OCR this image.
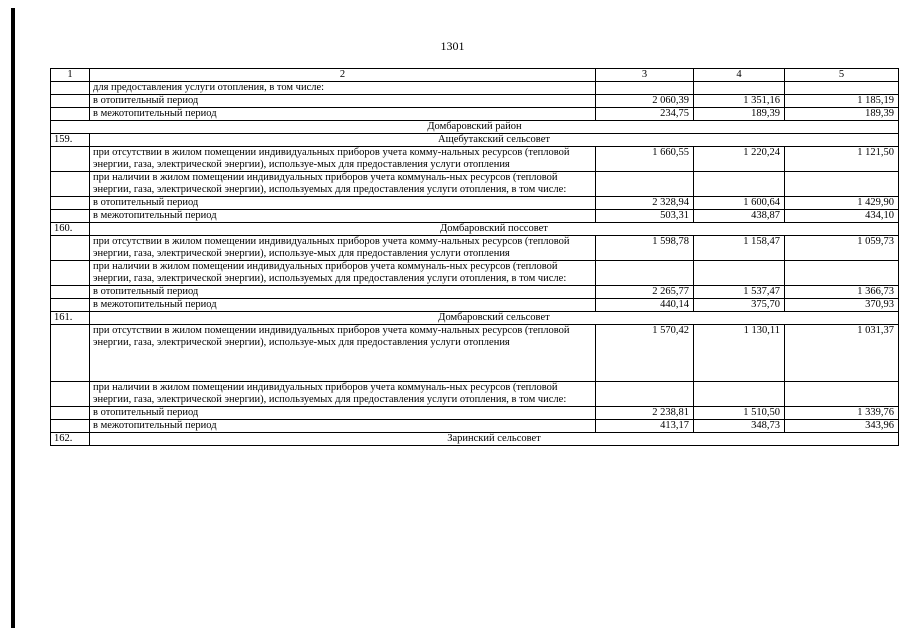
1301
1	2	3	4	5
	для предоставления услуги отопления, в том числе:			
	в отопительный период	2 060,39	1 351,16	1 185,19
	в межотопительный период	234,75	189,39	189,39
Домбаровский район				
159.	Ащебутакский сельсовет			
	при отсутствии в жилом помещении индивидуальных приборов учета комму-нальных ресурсов (тепловой энергии, газа, электрической энергии), используе-мых для предоставления услуги отопления	1 660,55	1 220,24	1 121,50
	при наличии в жилом помещении индивидуальных приборов учета коммуналь-ных ресурсов (тепловой энергии, газа, электрической энергии), используемых для предоставления услуги отопления, в том числе:			
	в отопительный период	2 328,94	1 600,64	1 429,90
	в межотопительный период	503,31	438,87	434,10
160.	Домбаровский поссовет			
	при отсутствии в жилом помещении индивидуальных приборов учета комму-нальных ресурсов (тепловой энергии, газа, электрической энергии), используе-мых для предоставления услуги отопления	1 598,78	1 158,47	1 059,73
	при наличии в жилом помещении индивидуальных приборов учета коммуналь-ных ресурсов (тепловой энергии, газа, электрической энергии), используемых для предоставления услуги отопления, в том числе:			
	в отопительный период	2 265,77	1 537,47	1 366,73
	в межотопительный период	440,14	375,70	370,93
161.	Домбаровский сельсовет			
	при отсутствии в жилом помещении индивидуальных приборов учета комму-нальных ресурсов (тепловой энергии, газа, электрической энергии), используе-мых для предоставления услуги отопления	1 570,42	1 130,11	1 031,37
	при наличии в жилом помещении индивидуальных приборов учета коммуналь-ных ресурсов (тепловой энергии, газа, электрической энергии), используемых для предоставления услуги отопления, в том числе:			
	в отопительный период	2 238,81	1 510,50	1 339,76
	в межотопительный период	413,17	348,73	343,96
162.	Заринский сельсовет			
